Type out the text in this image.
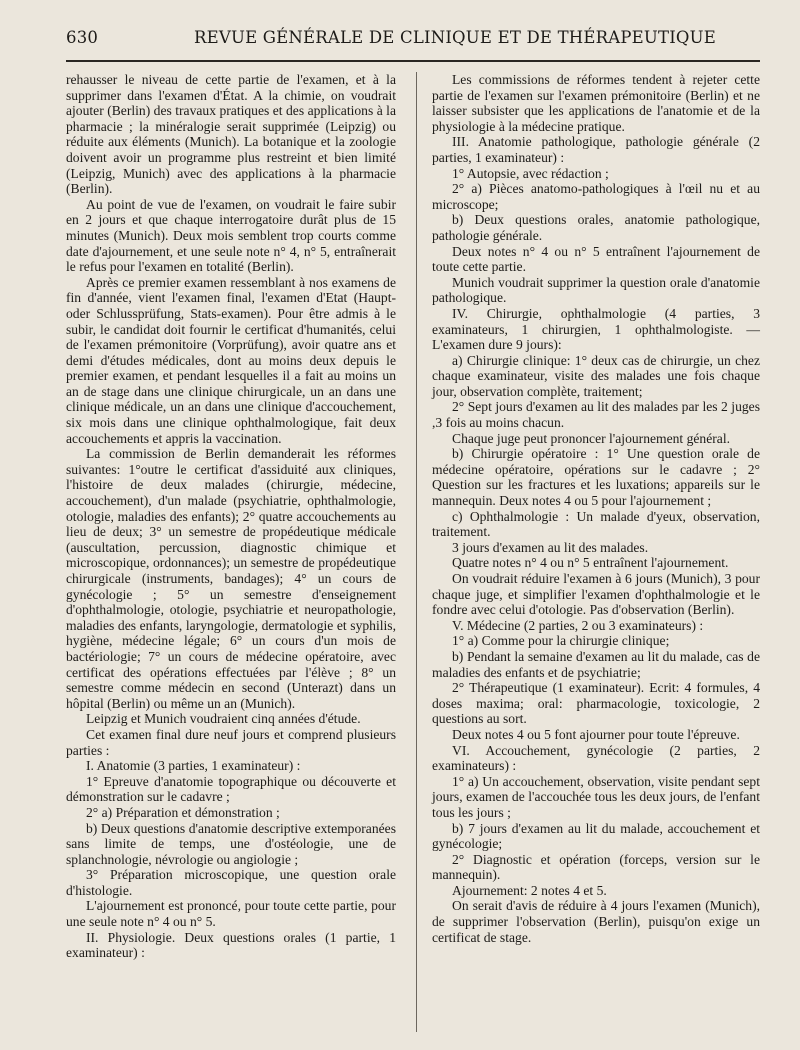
630	REVUE GÉNÉRALE DE CLINIQUE ET DE THÉRAPEUTIQUE

rehausser le niveau de cette partie de l'examen, et à la supprimer dans l'examen d'État. A la chimie, on voudrait ajouter (Berlin) des travaux pratiques et des applications à la pharmacie ; la minéralogie serait supprimée (Leipzig) ou réduite aux éléments (Munich). La botanique et la zoologie doivent avoir un programme plus restreint et bien limité (Leipzig, Munich) avec des applications à la pharmacie (Berlin).

Au point de vue de l'examen, on voudrait le faire subir en 2 jours et que chaque interrogatoire durât plus de 15 minutes (Munich). Deux mois semblent trop courts comme date d'ajournement, et une seule note n° 4, n° 5, entraînerait le refus pour l'examen en totalité (Berlin).

Après ce premier examen ressemblant à nos examens de fin d'année, vient l'examen final, l'examen d'Etat (Haupt-oder Schlussprüfung, Stats-examen). Pour être admis à le subir, le candidat doit fournir le certificat d'humanités, celui de l'examen prémonitoire (Vorprüfung), avoir quatre ans et demi d'études médicales, dont au moins deux depuis le premier examen, et pendant lesquelles il a fait au moins un an de stage dans une clinique chirurgicale, un an dans une clinique médicale, un an dans une clinique d'accouchement, six mois dans une clinique ophthalmologique, fait deux accouchements et appris la vaccination.

La commission de Berlin demanderait les réformes suivantes: 1°outre le certificat d'assiduité aux cliniques, l'histoire de deux malades (chirurgie, médecine, accouchement), d'un malade (psychiatrie, ophthalmologie, otologie, maladies des enfants); 2° quatre accouchements au lieu de deux; 3° un semestre de propédeutique médicale (auscultation, percussion, diagnostic chimique et microscopique, ordonnances); un semestre de propédeutique chirurgicale (instruments, bandages); 4° un cours de gynécologie ; 5° un semestre d'enseignement d'ophthalmologie, otologie, psychiatrie et neuropathologie, maladies des enfants, laryngologie, dermatologie et syphilis, hygiène, médecine légale; 6° un cours d'un mois de bactériologie; 7° un cours de médecine opératoire, avec certificat des opérations effectuées par l'élève ; 8° un semestre comme médecin en second (Unterazt) dans un hôpital (Berlin) ou même un an (Munich).

Leipzig et Munich voudraient cinq années d'étude.

Cet examen final dure neuf jours et comprend plusieurs parties :

I. Anatomie (3 parties, 1 examinateur) :

1° Epreuve d'anatomie topographique ou découverte et démonstration sur le cadavre ;

2° a) Préparation et démonstration ;

b) Deux questions d'anatomie descriptive extemporanées sans limite de temps, une d'ostéologie, une de splanchnologie, névrologie ou angiologie ;

3° Préparation microscopique, une question orale d'histologie.

L'ajournement est prononcé, pour toute cette partie, pour une seule note n° 4 ou n° 5.

II. Physiologie. Deux questions orales (1 partie, 1 examinateur) :

Les commissions de réformes tendent à rejeter cette partie de l'examen sur l'examen prémonitoire (Berlin) et ne laisser subsister que les applications de l'anatomie et de la physiologie à la médecine pratique.

III. Anatomie pathologique, pathologie générale (2 parties, 1 examinateur) :

1° Autopsie, avec rédaction ;

2° a) Pièces anatomo-pathologiques à l'œil nu et au microscope;

b) Deux questions orales, anatomie pathologique, pathologie générale.

Deux notes n° 4 ou n° 5 entraînent l'ajournement de toute cette partie.

Munich voudrait supprimer la question orale d'anatomie pathologique.

IV. Chirurgie, ophthalmologie (4 parties, 3 examinateurs, 1 chirurgien, 1 ophthalmologiste. — L'examen dure 9 jours):

a) Chirurgie clinique: 1° deux cas de chirurgie, un chez chaque examinateur, visite des malades une fois chaque jour, observation complète, traitement;

2° Sept jours d'examen au lit des malades par les 2 juges ,3 fois au moins chacun.

Chaque juge peut prononcer l'ajournement général.

b) Chirurgie opératoire : 1° Une question orale de médecine opératoire, opérations sur le cadavre ; 2° Question sur les fractures et les luxations; appareils sur le mannequin. Deux notes 4 ou 5 pour l'ajournement ;

c) Ophthalmologie : Un malade d'yeux, observation, traitement.

3 jours d'examen au lit des malades.

Quatre notes n° 4 ou n° 5 entraînent l'ajournement.

On voudrait réduire l'examen à 6 jours (Munich), 3 pour chaque juge, et simplifier l'examen d'ophthalmologie et le fondre avec celui d'otologie. Pas d'observation (Berlin).

V. Médecine (2 parties, 2 ou 3 examinateurs) :

1° a) Comme pour la chirurgie clinique;

b) Pendant la semaine d'examen au lit du malade, cas de maladies des enfants et de psychiatrie;

2° Thérapeutique (1 examinateur). Ecrit: 4 formules, 4 doses maxima; oral: pharmacologie, toxicologie, 2 questions au sort.

Deux notes 4 ou 5 font ajourner pour toute l'épreuve.

VI. Accouchement, gynécologie (2 parties, 2 examinateurs) :

1° a) Un accouchement, observation, visite pendant sept jours, examen de l'accouchée tous les deux jours, de l'enfant tous les jours ;

b) 7 jours d'examen au lit du malade, accouchement et gynécologie;

2° Diagnostic et opération (forceps, version sur le mannequin).

Ajournement: 2 notes 4 et 5.

On serait d'avis de réduire à 4 jours l'examen (Munich), de supprimer l'observation (Berlin), puisqu'on exige un certificat de stage.
